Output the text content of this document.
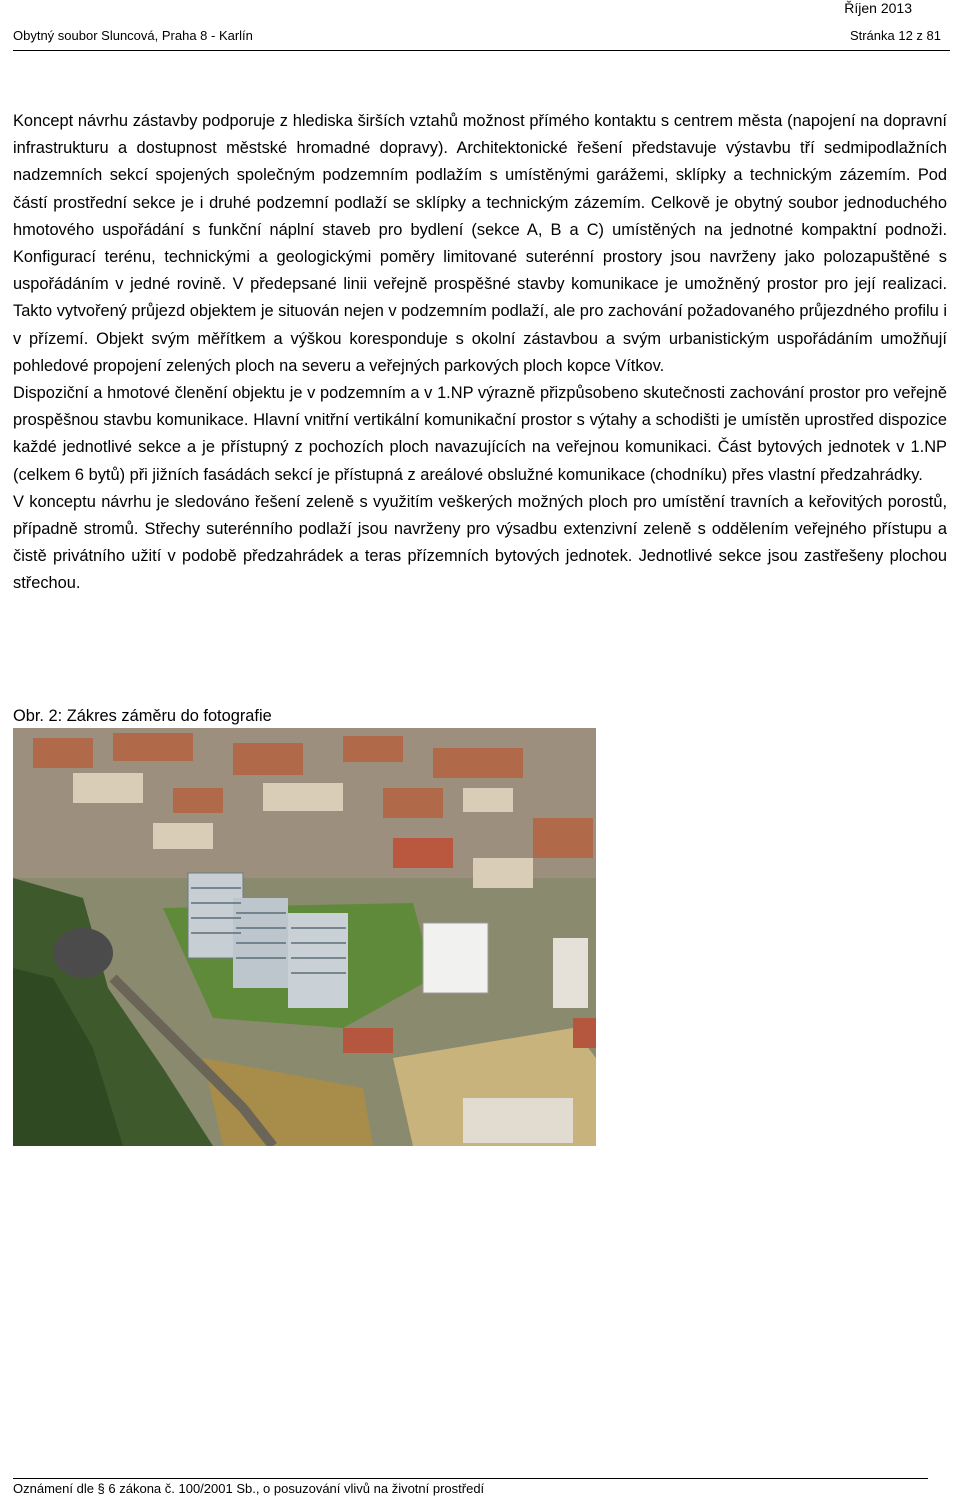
Říjen 2013
Obytný soubor Sluncová, Praha 8 - Karlín	Stránka 12 z 81

Koncept návrhu zástavby podporuje z hlediska širších vztahů možnost přímého kontaktu s centrem města (napojení na dopravní infrastrukturu a dostupnost městské hromadné dopravy). Architektonické řešení představuje výstavbu tří sedmipodlažních nadzemních sekcí spojených společným podzemním podlažím s umístěnými garážemi, sklípky a technickým zázemím. Pod částí prostřední sekce je i druhé podzemní podlaží se sklípky a technickým zázemím. Celkově je obytný soubor jednoduchého hmotového uspořádání s funkční náplní staveb pro bydlení (sekce A, B a C) umístěných na jednotné kompaktní podnoži. Konfigurací terénu, technickými a geologickými poměry limitované suterénní prostory jsou navrženy jako polozapuštěné s uspořádáním v jedné rovině. V předepsané linii veřejně prospěšné stavby komunikace je umožněný prostor pro její realizaci. Takto vytvořený průjezd objektem je situován nejen v podzemním podlaží, ale pro zachování požadovaného průjezdného profilu i v přízemí. Objekt svým měřítkem a výškou koresponduje s okolní zástavbou a svým urbanistickým uspořádáním umožňují pohledové propojení zelených ploch na severu a veřejných parkových ploch kopce Vítkov.

Dispoziční a hmotové členění objektu je v podzemním a v 1.NP výrazně přizpůsobeno skutečnosti zachování prostor pro veřejně prospěšnou stavbu komunikace. Hlavní vnitřní vertikální komunikační prostor s výtahy a schodišti je umístěn uprostřed dispozice každé jednotlivé sekce a je přístupný z pochozích ploch navazujících na veřejnou komunikaci. Část bytových jednotek v 1.NP (celkem 6 bytů) při jižních fasádách sekcí je přístupná z areálové obslužné komunikace (chodníku) přes vlastní předzahrádky.

V konceptu návrhu je sledováno řešení zeleně s využitím veškerých možných ploch pro umístění travních a keřovitých porostů, případně stromů. Střechy suterénního podlaží jsou navrženy pro výsadbu extenzivní zeleně s oddělením veřejného přístupu a čistě privátního užití v podobě předzahrádek a teras přízemních bytových jednotek. Jednotlivé sekce jsou zastřešeny plochou střechou.

Obr. 2: Zákres záměru do fotografie
Oznámení dle § 6 zákona č. 100/2001 Sb., o posuzování vlivů na životní prostředí
